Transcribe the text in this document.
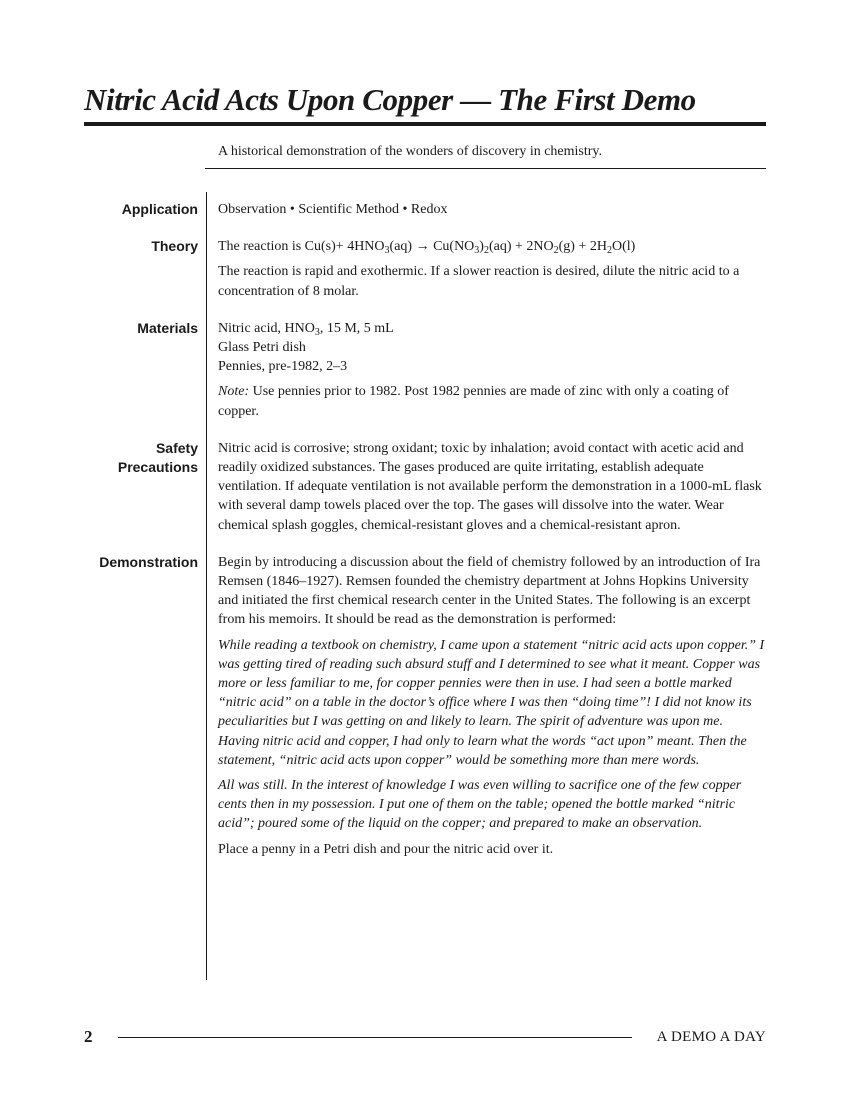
Nitric Acid Acts Upon Copper — The First Demo

A historical demonstration of the wonders of discovery in chemistry.

Application Observation • Scientific Method • Redox

Theory The reaction is $Cu(s)+ 4HNO_3(aq) \to Cu(NO_3)_2(aq) + 2NO_2(g) + 2H_2O(l)$

The reaction is rapid and exothermic. If a slower reaction is desired, dilute the nitric acid to a concentration of 8 molar.

Materials Nitric acid, $HNO_3$, 15 M, 5 mL
Glass Petri dish
Pennies, pre-1982, 2–3

Note: Use pennies prior to 1982. Post 1982 pennies are made of zinc with only a coating of copper.

Safety
Precautions

Nitric acid is corrosive; strong oxidant; toxic by inhalation; avoid contact with acetic acid and readily oxidized substances. The gases produced are quite irritating, establish adequate ventilation. If adequate ventilation is not available perform the demonstration in a 1000-mL flask with several damp towels placed over the top. The gases will dissolve into the water. Wear chemical splash goggles, chemical-resistant gloves and a chemical-resistant apron.

Demonstration Begin by introducing a discussion about the field of chemistry followed by an introduction of Ira Remsen (1846–1927). Remsen founded the chemistry department at Johns Hopkins University and initiated the first chemical research center in the United States. The following is an excerpt from his memoirs. It should be read as the demonstration is performed:

While reading a textbook on chemistry, I came upon a statement “nitric acid acts upon copper.” I was getting tired of reading such absurd stuff and I determined to see what it meant. Copper was more or less familiar to me, for copper pennies were then in use. I had seen a bottle marked “nitric acid” on a table in the doctor’s office where I was then “doing time”! I did not know its peculiarities but I was getting on and likely to learn. The spirit of adventure was upon me. Having nitric acid and copper, I had only to learn what the words “act upon” meant. Then the statement, “nitric acid acts upon copper” would be something more than mere words.

All was still. In the interest of knowledge I was even willing to sacrifice one of the few copper cents then in my possession. I put one of them on the table; opened the bottle marked “nitric acid”; poured some of the liquid on the copper; and prepared to make an observation.

Place a penny in a Petri dish and pour the nitric acid over it.

2	A DEMO A DAY
